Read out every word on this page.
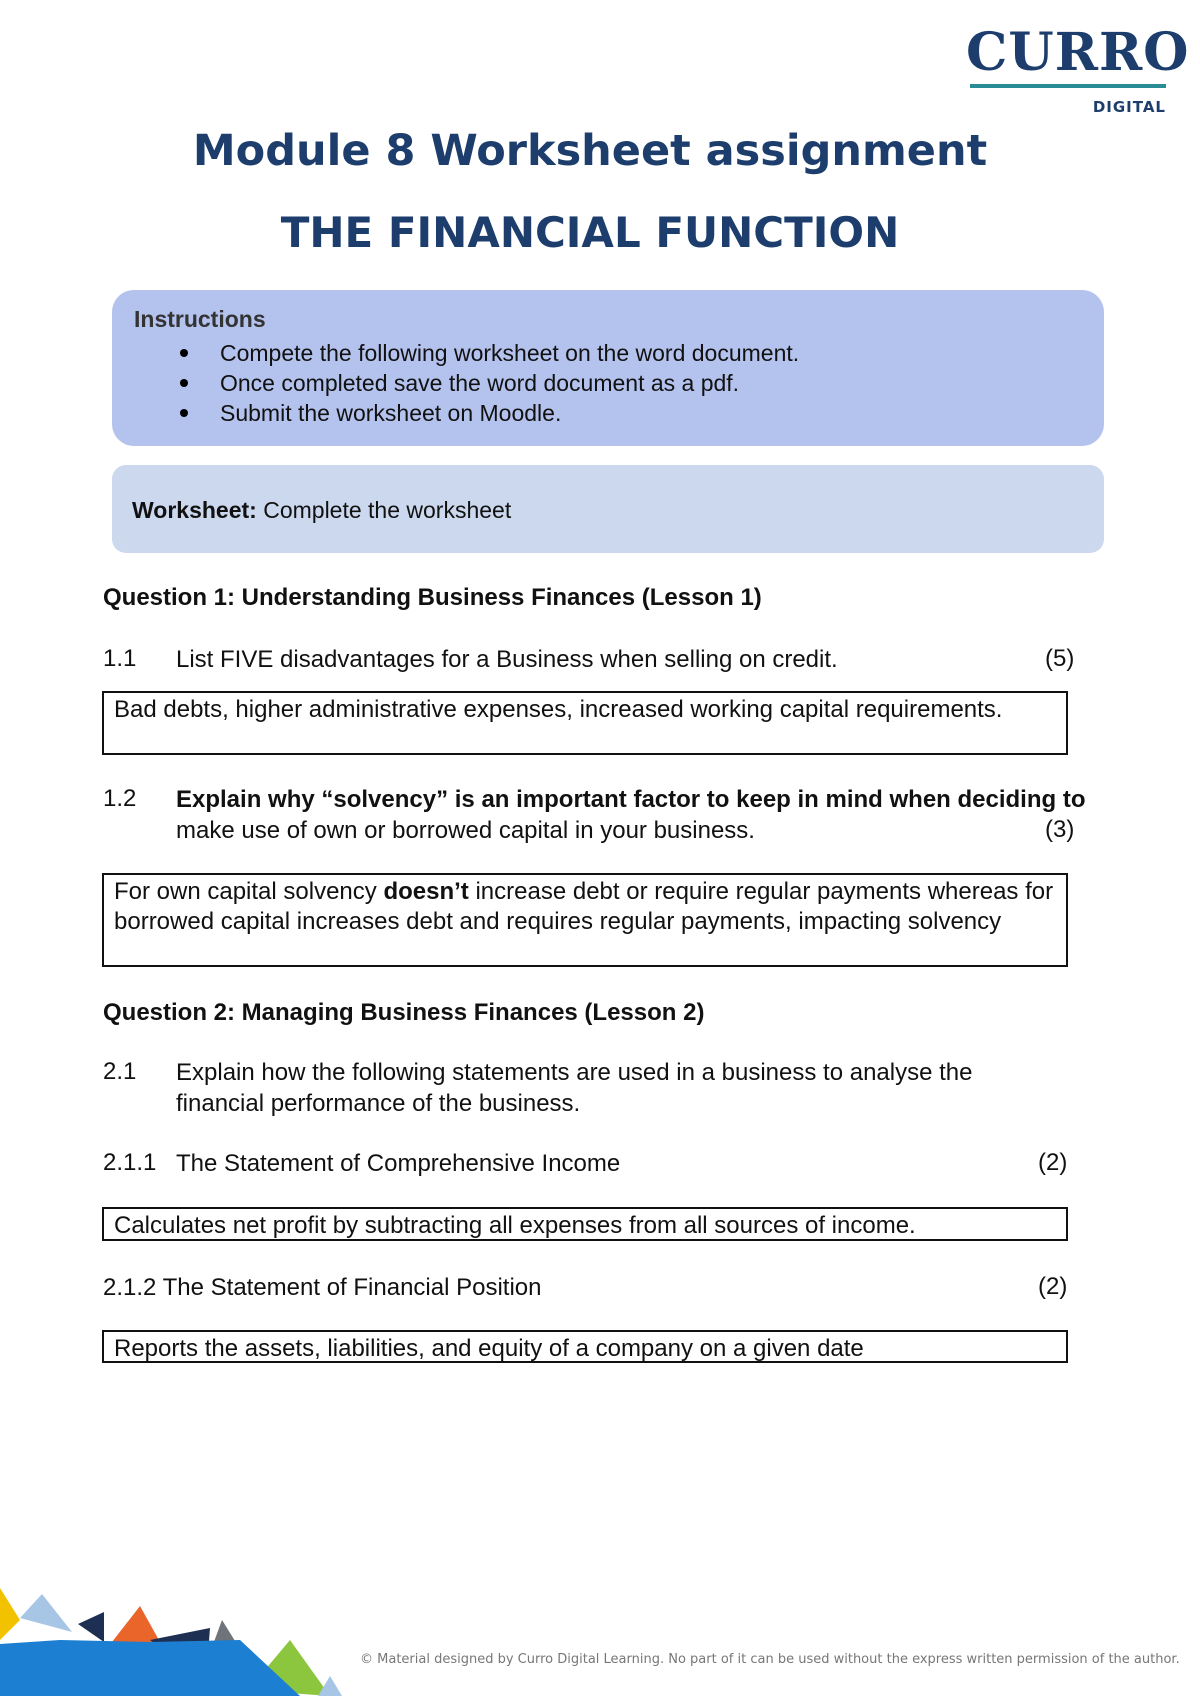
CURRO
DIGITAL
Module 8 Worksheet assignment
THE FINANCIAL FUNCTION
Instructions
Compete the following worksheet on the word document.
Once completed save the word document as a pdf.
Submit the worksheet on Moodle.
Worksheet: Complete the worksheet
Question 1: Understanding Business Finances (Lesson 1)
1.1 List FIVE disadvantages for a Business when selling on credit.	(5)
Bad debts, higher administrative expenses, increased working capital requirements.
1.2 Explain why “solvency” is an important factor to keep in mind when deciding to
make use of own or borrowed capital in your business.	(3)
For own capital solvency doesn’t increase debt or require regular payments whereas for borrowed capital increases debt and requires regular payments, impacting solvency
Question 2: Managing Business Finances (Lesson 2)
2.1 Explain how the following statements are used in a business to analyse the financial performance of the business.
2.1.1 The Statement of Comprehensive Income	(2)
Calculates net profit by subtracting all expenses from all sources of income.
2.1.2 The Statement of Financial Position	(2)
Reports the assets, liabilities, and equity of a company on a given date
© Material designed by Curro Digital Learning. No part of it can be used without the express written permission of the author.
